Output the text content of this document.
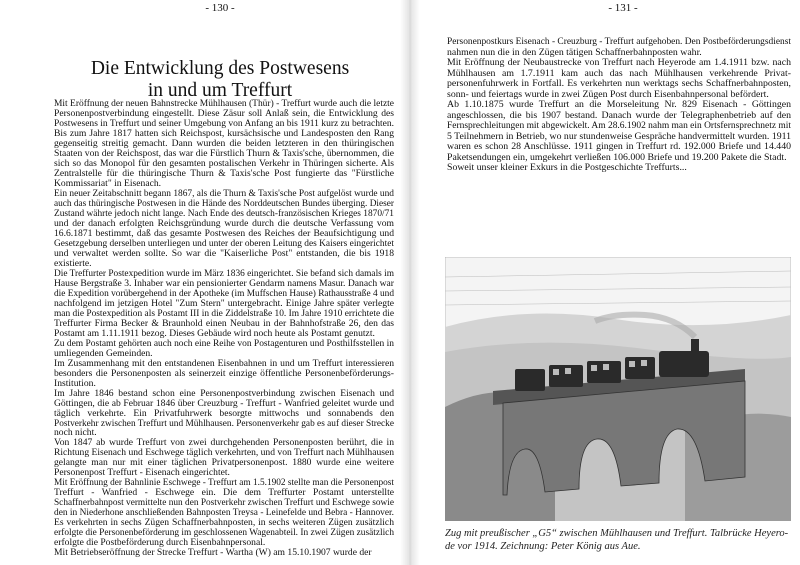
- 130 -
Die Entwicklung des Postwesens
in und um Treffurt
Mit Eröffnung der neuen Bahnstrecke Mühlhausen (Thür) - Treffurt wurde auch die letzte
Personenpostverbindung eingestellt. Diese Zäsur soll Anlaß sein, die Entwicklung des
Postwesens in Treffurt und seiner Umgebung von Anfang an bis 1911 kurz zu betrachten.
Bis zum Jahre 1817 hatten sich Reichspost, kursächsische und Landesposten den Rang
gegenseitig streitig gemacht. Dann wurden die beiden letzteren in den thüringischen
Staaten von der Reichspost, das war die Fürstlich Thurn & Taxis'sche, übernommen, die
sich so das Monopol für den gesamten postalischen Verkehr in Thüringen sicherte. Als
Zentralstelle für die thüringische Thurn & Taxis'sche Post fungierte das "Fürstliche
Kommissariat" in Eisenach.
Ein neuer Zeitabschnitt begann 1867, als die Thurn & Taxis'sche Post aufgelöst wurde und
auch das thüringische Postwesen in die Hände des Norddeutschen Bundes überging. Dieser
Zustand währte jedoch nicht lange. Nach Ende des deutsch-französischen Krieges 1870/71
und der danach erfolgten Reichsgründung wurde durch die deutsche Verfassung vom
16.6.1871 bestimmt, daß das gesamte Postwesen des Reiches der Beaufsichtigung und
Gesetzgebung derselben unterliegen und unter der oberen Leitung des Kaisers eingerichtet
und verwaltet werden sollte. So war die "Kaiserliche Post" entstanden, die bis 1918
existierte.
Die Treffurter Postexpedition wurde im März 1836 eingerichtet. Sie befand sich damals im
Hause Bergstraße 3. Inhaber war ein pensionierter Gendarm namens Masur. Danach war
die Expedition vorübergehend in der Apotheke (im Muffschen Hause) Rathausstraße 4 und
nachfolgend im jetzigen Hotel "Zum Stern" untergebracht. Einige Jahre später verlegte
man die Postexpedition als Postamt III in die Ziddelstraße 10. Im Jahre 1910 errichtete die
Treffurter Firma Becker & Braunhold einen Neubau in der Bahnhofstraße 26, den das
Postamt am 1.11.1911 bezog. Dieses Gebäude wird noch heute als Postamt genutzt.
Zu dem Postamt gehörten auch noch eine Reihe von Postagenturen und Posthilfsstellen in
umliegenden Gemeinden.
Im Zusammenhang mit den entstandenen Eisenbahnen in und um Treffurt interessieren
besonders die Personenposten als seinerzeit einzige öffentliche Personenbeförderungs-
Institution.
Im Jahre 1846 bestand schon eine Personenpostverbindung zwischen Eisenach und
Göttingen, die ab Februar 1846 über Creuzburg - Treffurt - Wanfried geleitet wurde und
täglich verkehrte. Ein Privatfuhrwerk besorgte mittwochs und sonnabends den
Postverkehr zwischen Treffurt und Mühlhausen. Personenverkehr gab es auf dieser Strecke
noch nicht.
Von 1847 ab wurde Treffurt von zwei durchgehenden Personenposten berührt, die in
Richtung Eisenach und Eschwege täglich verkehrten, und von Treffurt nach Mühlhausen
gelangte man nur mit einer täglichen Privatpersonenpost. 1880 wurde eine weitere
Personenpost Treffurt - Eisenach eingerichtet.
Mit Eröffnung der Bahnlinie Eschwege - Treffurt am 1.5.1902 stellte man die Personenpost
Treffurt - Wanfried - Eschwege ein. Die dem Treffurter Postamt unterstellte
Schaffnerbahnpost vermittelte nun den Postverkehr zwischen Treffurt und Eschwege sowie
den in Niederhone anschließenden Bahnposten Treysa - Leinefelde und Bebra - Hannover.
Es verkehrten in sechs Zügen Schaffnerbahnposten, in sechs weiteren Zügen zusätzlich
erfolgte die Personenbeförderung im geschlossenen Wagenabteil. In zwei Zügen zusätzlich
erfolgte die Postbeförderung durch Eisenbahnpersonal.
Mit Betriebseröffnung der Strecke Treffurt - Wartha (W) am 15.10.1907 wurde der
- 131 -
Personenpostkurs Eisenach - Creuzburg - Treffurt aufgehoben. Den Postbeförderungsdienst
nahmen nun die in den Zügen tätigen Schaffnerbahnposten wahr.
Mit Eröffnung der Neubaustrecke von Treffurt nach Heyerode am 1.4.1911 bzw. nach
Mühlhausen am 1.7.1911 kam auch das nach Mühlhausen verkehrende Privat-
personenfuhrwerk in Fortfall. Es verkehrten nun werktags sechs Schaffnerbahnposten,
sonn- und feiertags wurde in zwei Zügen Post durch Eisenbahnpersonal befördert.
Ab 1.10.1875 wurde Treffurt an die Morseleitung Nr. 829 Eisenach - Göttingen
angeschlossen, die bis 1907 bestand. Danach wurde der Telegraphenbetrieb auf den
Fernsprechleitungen mit abgewickelt. Am 28.6.1902 nahm man ein Ortsfernsprechnetz mit
5 Teilnehmern in Betrieb, wo nur stundenweise Gespräche handvermittelt wurden. 1911
waren es schon 28 Anschlüsse. 1911 gingen in Treffurt rd. 192.000 Briefe und 14.440
Paketsendungen ein, umgekehrt verließen 106.000 Briefe und 19.200 Pakete die Stadt.
Soweit unser kleiner Exkurs in die Postgeschichte Treffurts...
Zug mit preußischer „G5“ zwischen Mühlhausen und Treffurt. Talbrücke Heyero-
de vor 1914. Zeichnung: Peter König aus Aue.
